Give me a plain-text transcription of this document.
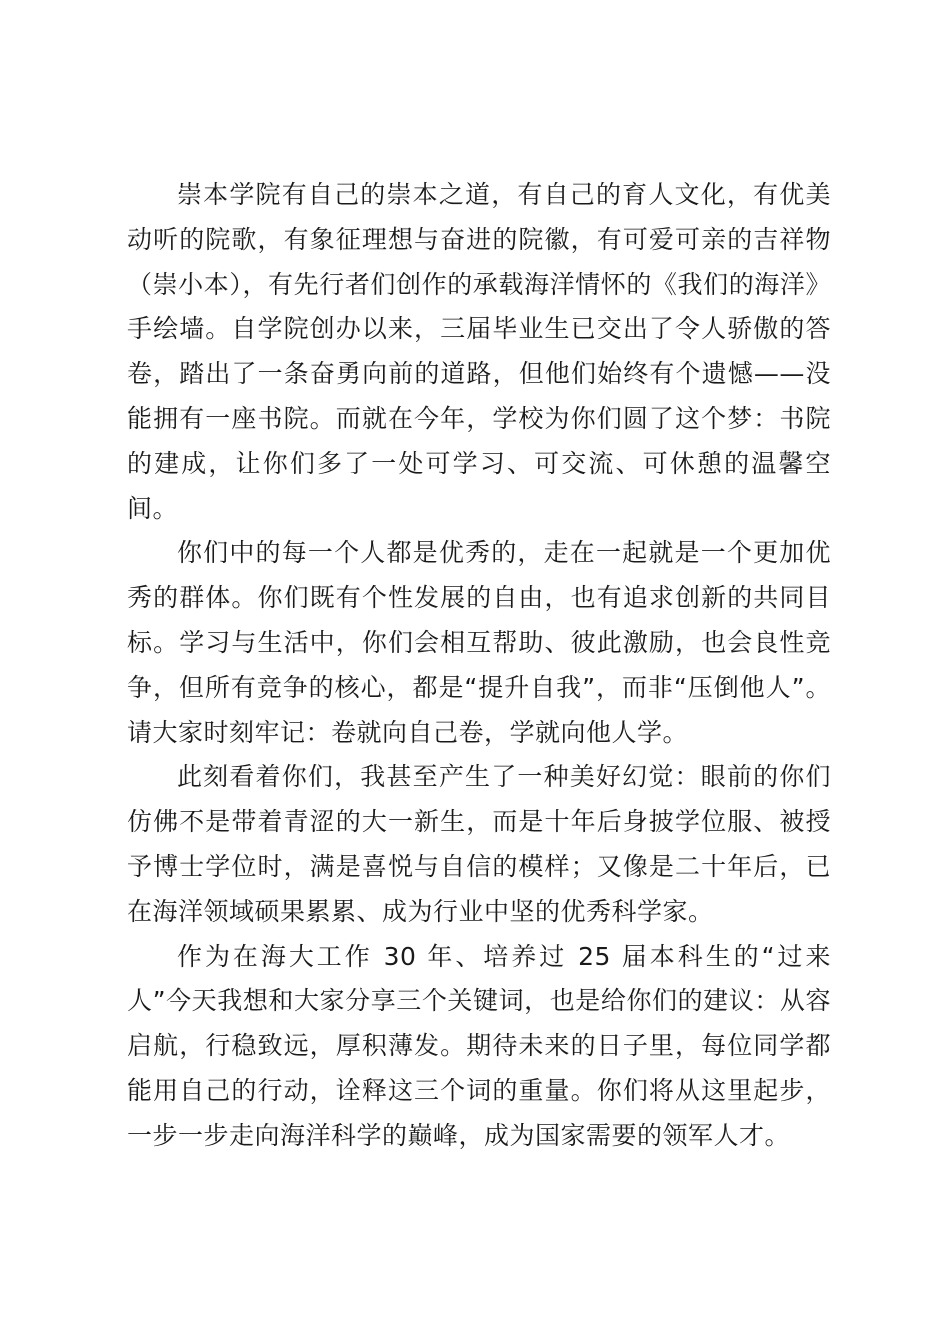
崇本学院有自己的崇本之道，有自己的育人文化，有优美动听的院歌，有象征理想与奋进的院徽，有可爱可亲的吉祥物（崇小本），有先行者们创作的承载海洋情怀的《我们的海洋》手绘墙。自学院创办以来，三届毕业生已交出了令人骄傲的答卷，踏出了一条奋勇向前的道路，但他们始终有个遗憾——没能拥有一座书院。而就在今年，学校为你们圆了这个梦：书院的建成，让你们多了一处可学习、可交流、可休憩的温馨空间。

你们中的每一个人都是优秀的，走在一起就是一个更加优秀的群体。你们既有个性发展的自由，也有追求创新的共同目标。学习与生活中，你们会相互帮助、彼此激励，也会良性竞争，但所有竞争的核心，都是“提升自我”，而非“压倒他人”。请大家时刻牢记：卷就向自己卷，学就向他人学。

此刻看着你们，我甚至产生了一种美好幻觉：眼前的你们仿佛不是带着青涩的大一新生，而是十年后身披学位服、被授予博士学位时，满是喜悦与自信的模样；又像是二十年后，已在海洋领域硕果累累、成为行业中坚的优秀科学家。

作为在海大工作 30 年、培养过 25 届本科生的“过来人”今天我想和大家分享三个关键词，也是给你们的建议：从容启航，行稳致远，厚积薄发。期待未来的日子里，每位同学都能用自己的行动，诠释这三个词的重量。你们将从这里起步，一步一步走向海洋科学的巅峰，成为国家需要的领军人才。
